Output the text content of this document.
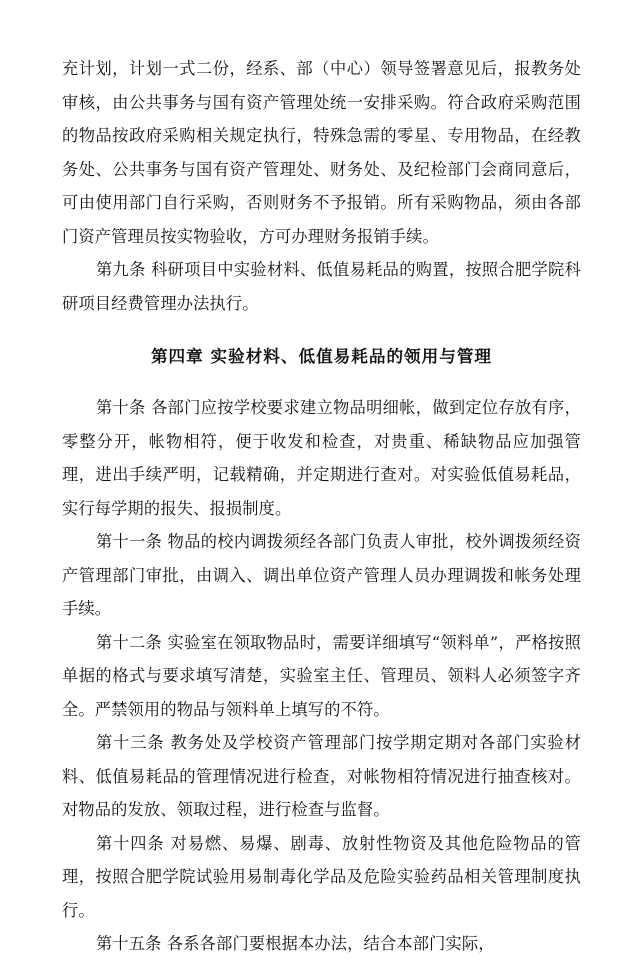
充计划，计划一式二份，经系、部（中心）领导签署意见后，报教务处审核，由公共事务与国有资产管理处统一安排采购。符合政府采购范围的物品按政府采购相关规定执行，特殊急需的零星、专用物品，在经教务处、公共事务与国有资产管理处、财务处、及纪检部门会商同意后，可由使用部门自行采购，否则财务不予报销。所有采购物品，须由各部门资产管理员按实物验收，方可办理财务报销手续。

第九条 科研项目中实验材料、低值易耗品的购置，按照合肥学院科研项目经费管理办法执行。

第四章 实验材料、低值易耗品的领用与管理

第十条 各部门应按学校要求建立物品明细帐，做到定位存放有序，零整分开，帐物相符，便于收发和检查，对贵重、稀缺物品应加强管理，进出手续严明，记载精确，并定期进行查对。对实验低值易耗品，实行每学期的报失、报损制度。

第十一条 物品的校内调拨须经各部门负责人审批，校外调拨须经资产管理部门审批，由调入、调出单位资产管理人员办理调拨和帐务处理手续。

第十二条 实验室在领取物品时，需要详细填写“领料单”，严格按照单据的格式与要求填写清楚，实验室主任、管理员、领料人必须签字齐全。严禁领用的物品与领料单上填写的不符。

第十三条 教务处及学校资产管理部门按学期定期对各部门实验材料、低值易耗品的管理情况进行检查，对帐物相符情况进行抽查核对。对物品的发放、领取过程，进行检查与监督。

第十四条 对易燃、易爆、剧毒、放射性物资及其他危险物品的管理，按照合肥学院试验用易制毒化学品及危险实验药品相关管理制度执行。

第十五条 各系各部门要根据本办法，结合本部门实际，
